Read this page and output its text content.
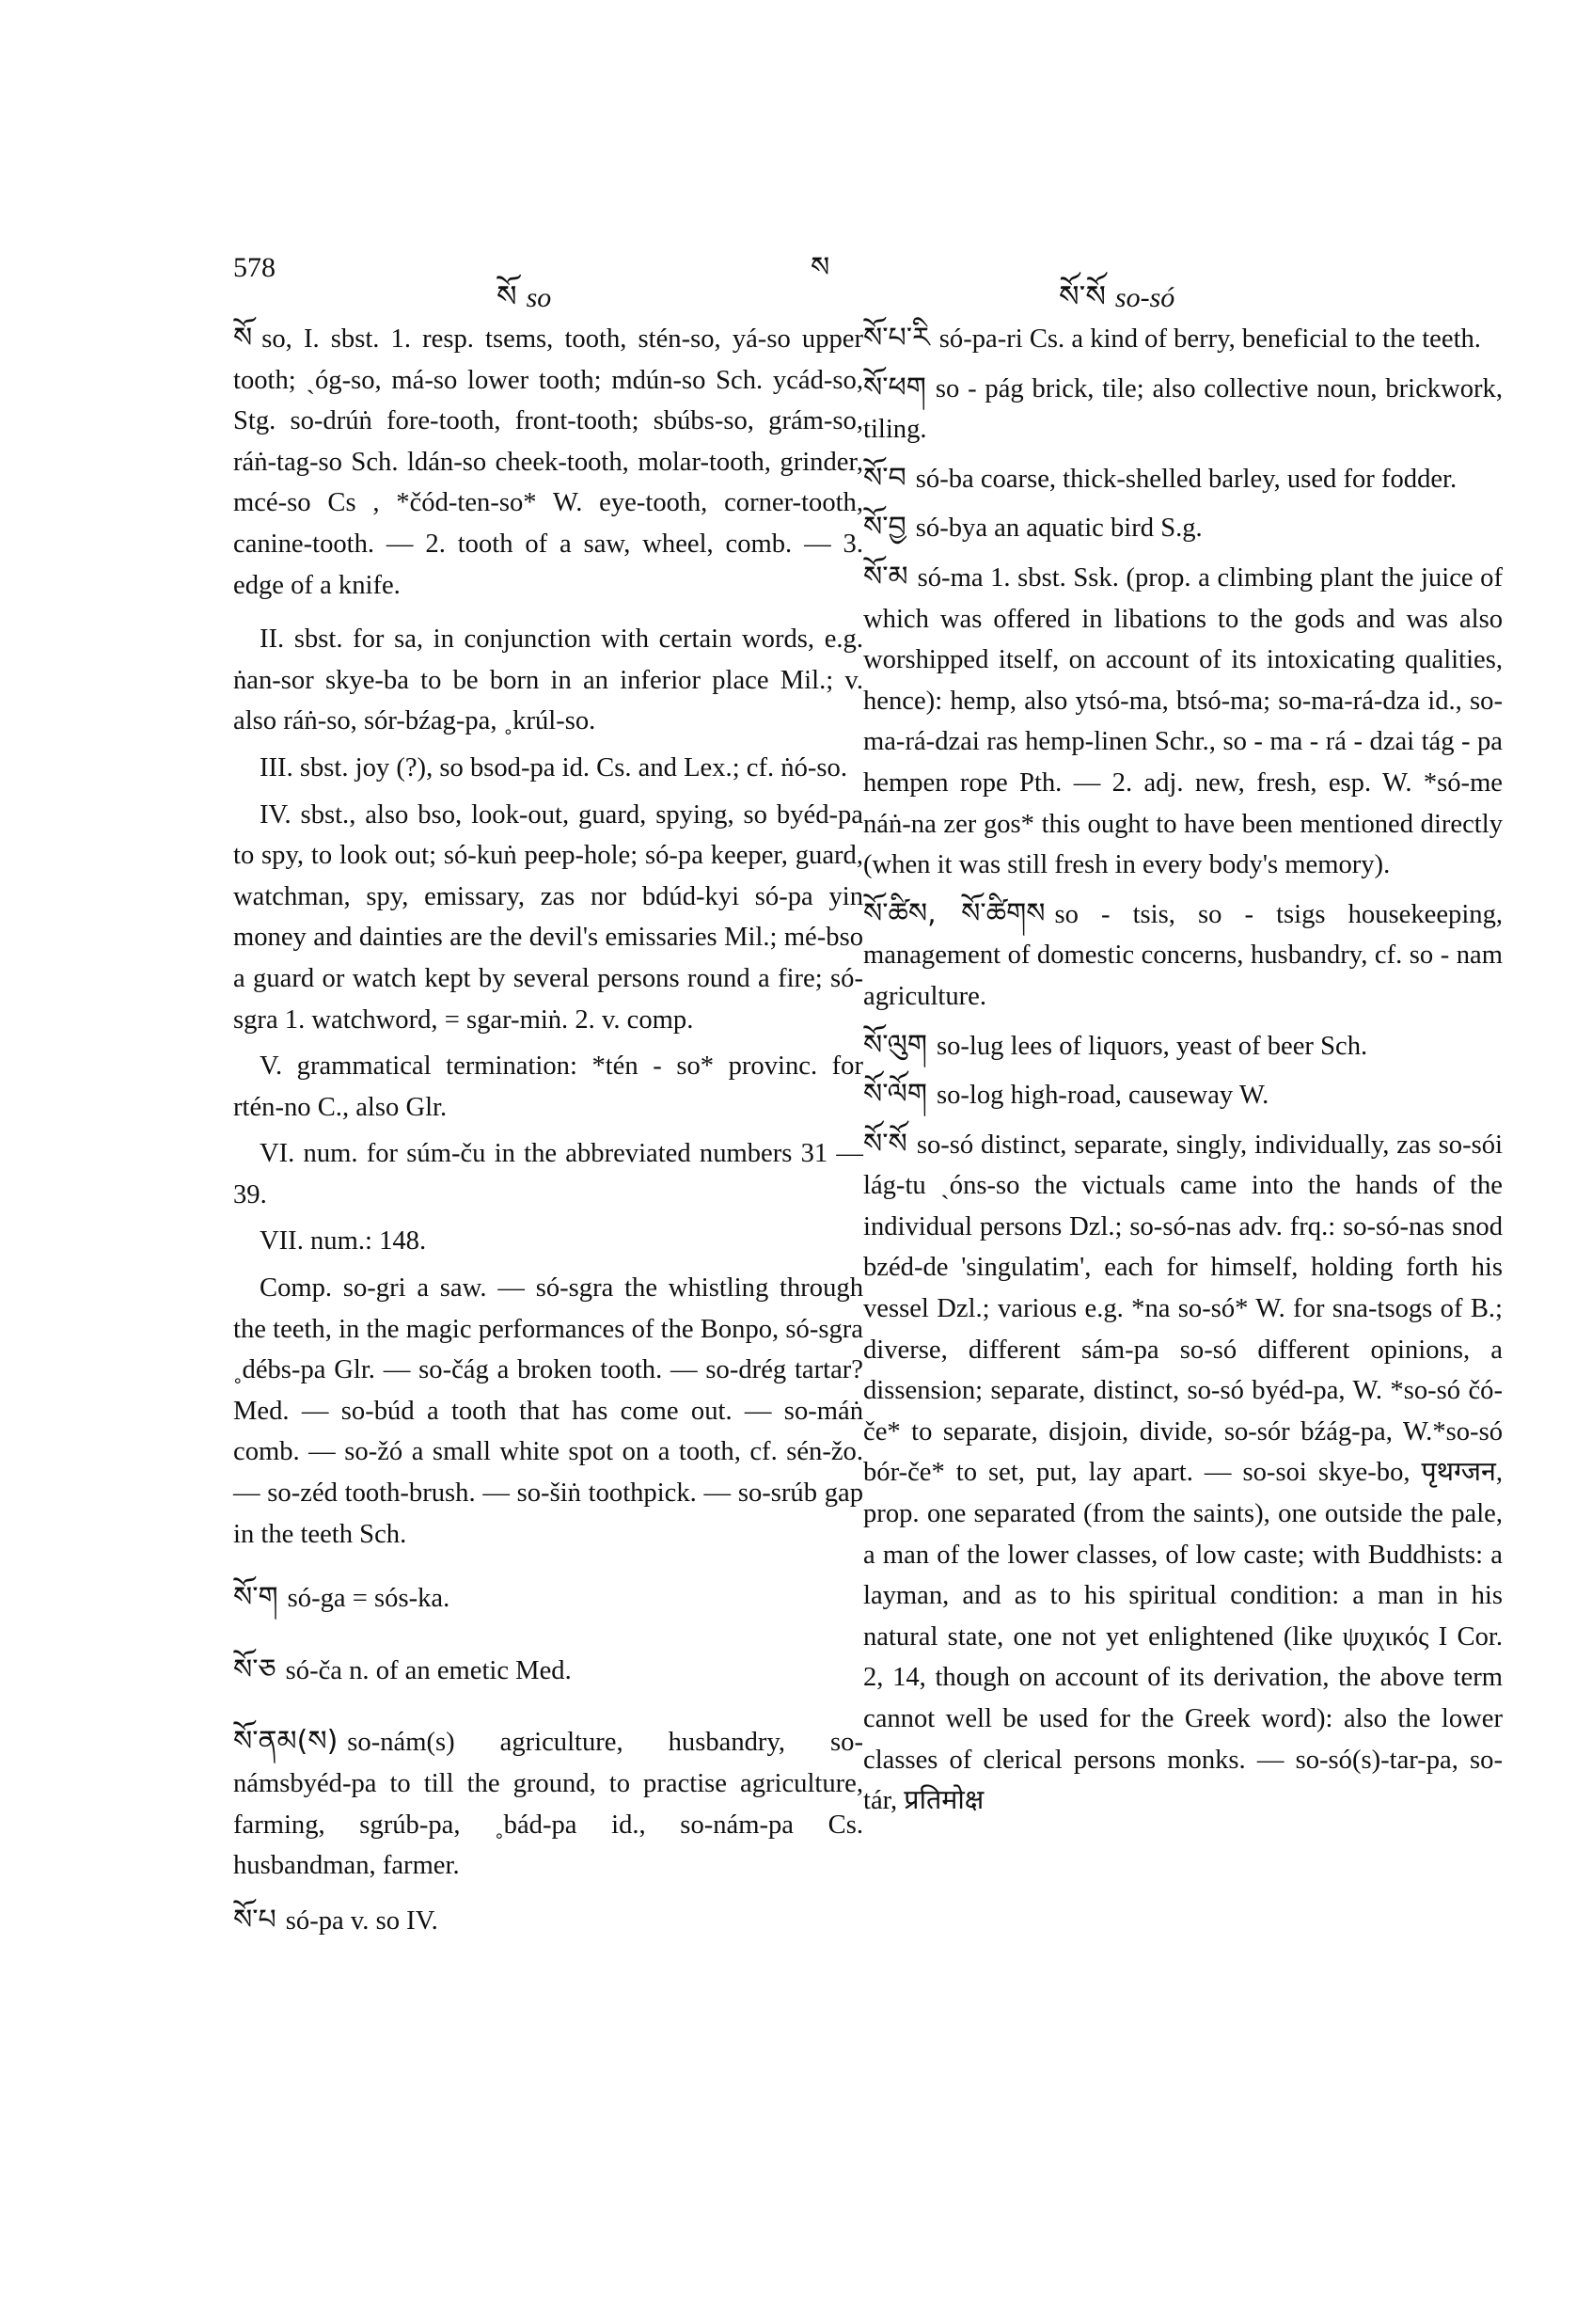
578
སོ so
ས
སོ་སོ so-só
སོ so, I. sbst. 1. resp. tsems, tooth, stén-so, yá-so upper tooth; ˏóg-so, má-so lower tooth; mdún-so Sch. ycád-so, Stg. so-drúṅ fore-tooth, front-tooth; sbúbs-so, grám-so, ráṅ-tag-so Sch. ldán-so cheek-tooth, molar-tooth, grinder, mcé-so Cs , *čód-ten-so* W. eye-tooth, corner-tooth, canine-tooth. — 2. tooth of a saw, wheel, comb. — 3. edge of a knife.
II. sbst. for sa, in conjunction with certain words, e.g. ṅan-sor skye-ba to be born in an inferior place Mil.; v. also ráṅ-so, sór-bźag-pa, ˳krúl-so.
III. sbst. joy (?), so bsod-pa id. Cs. and Lex.; cf. ṅó-so.
IV. sbst., also bso, look-out, guard, spying, so byéd-pa to spy, to look out; só-kuṅ peep-hole; só-pa keeper, guard, watchman, spy, emissary, zas nor bdúd-kyi só-pa yin money and dainties are the devil's emissaries Mil.; mé-bso a guard or watch kept by several persons round a fire; só-sgra 1. watchword, = sgar-miṅ. 2. v. comp.
V. grammatical termination: *tén - so* provinc. for rtén-no C., also Glr.
VI. num. for súm-ču in the abbreviated numbers 31 — 39.
VII. num.: 148.
Comp. so-gri a saw. — só-sgra the whistling through the teeth, in the magic performances of the Bonpo, só-sgra ˳débs-pa Glr. — so-čág a broken tooth. — so-drég tartar? Med. — so-búd a tooth that has come out. — so-máṅ comb. — so-žó a small white spot on a tooth, cf. sén-žo. — so-zéd tooth-brush. — so-šiṅ toothpick. — so-srúb gap in the teeth Sch.
སོ་ག só-ga = sós-ka.
སོ་ཅ só-ča n. of an emetic Med.
སོ་ནམ(ས) so-nám(s) agriculture, husbandry, so-námsbyéd-pa to till the ground, to practise agriculture, farming, sgrúb-pa, ˳bád-pa id., so-nám-pa Cs. husbandman, farmer.
སོ་པ só-pa v. so IV.
སོ་པ་རི só-pa-ri Cs. a kind of berry, beneficial to the teeth.
སོ་ཕག so - pág brick, tile; also collective noun, brickwork, tiling.
སོ་བ só-ba coarse, thick-shelled barley, used for fodder.
སོ་བྱ só-bya an aquatic bird S.g.
སོ་མ só-ma 1. sbst. Ssk. (prop. a climbing plant the juice of which was offered in libations to the gods and was also worshipped itself, on account of its intoxicating qualities, hence): hemp, also ytsó-ma, btsó-ma; so-ma-rá-dza id., so-ma-rá-dzai ras hemp-linen Schr., so - ma - rá - dzai tág - pa hempen rope Pth. — 2. adj. new, fresh, esp. W. *só-me náṅ-na zer gos* this ought to have been mentioned directly (when it was still fresh in every body's memory).
སོ་ཚིས, སོ་ཚིགས so - tsis, so - tsigs housekeeping, management of domestic concerns, husbandry, cf. so - nam agriculture.
སོ་ལུག so-lug lees of liquors, yeast of beer Sch.
སོ་ལོག so-log high-road, causeway W.
སོ་སོ so-só distinct, separate, singly, individually, zas so-sói lág-tu ˏóns-so the victuals came into the hands of the individual persons Dzl.; so-só-nas adv. frq.: so-só-nas snod bzéd-de 'singulatim', each for himself, holding forth his vessel Dzl.; various e.g. *na so-só* W. for sna-tsogs of B.; diverse, different sám-pa so-só different opinions, a dissension; separate, distinct, so-só byéd-pa, W. *so-só čó-če* to separate, disjoin, divide, so-sór bźág-pa, W.*so-só bór-če* to set, put, lay apart. — so-soi skye-bo, पृथग्जन, prop. one separated (from the saints), one outside the pale, a man of the lower classes, of low caste; with Buddhists: a layman, and as to his spiritual condition: a man in his natural state, one not yet enlightened (like ψυχικός I Cor. 2, 14, though on account of its derivation, the above term cannot well be used for the Greek word): also the lower classes of clerical persons monks. — so-só(s)-tar-pa, so-tár, प्रतिमोक्ष
